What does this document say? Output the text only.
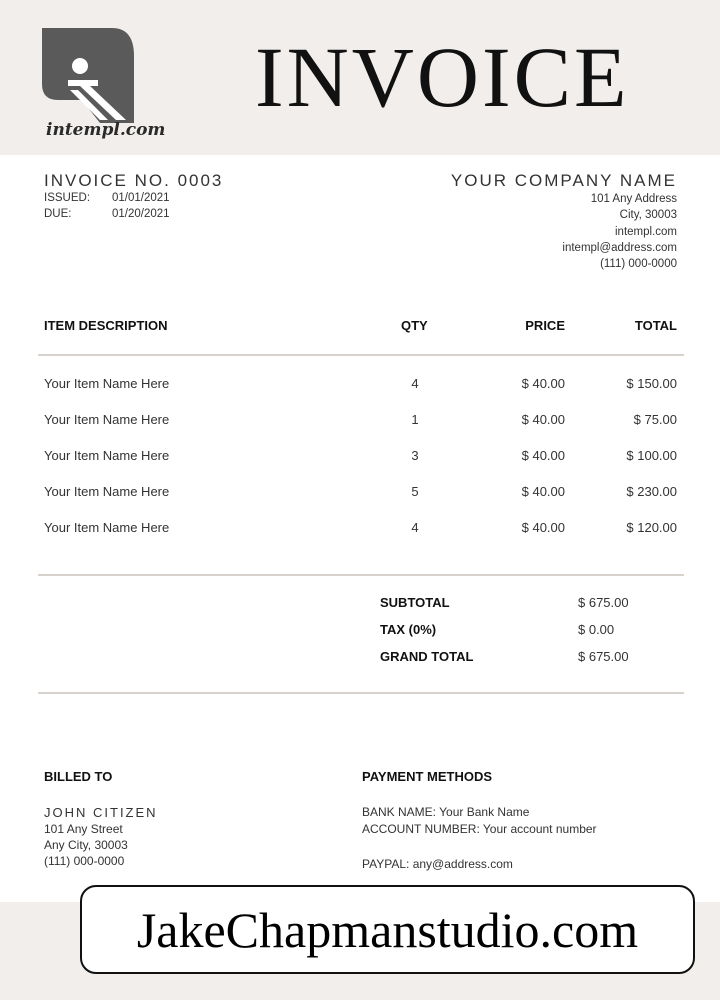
intempl.com
INVOICE
INVOICE NO. 0003
ISSUED: 01/01/2021
DUE:	01/20/2021
YOUR COMPANY NAME
101 Any Address
City, 30003
intempl.com
intempl@address.com
(111) 000-0000
ITEM DESCRIPTION	QTY	PRICE	TOTAL
Your Item Name Here	4	$ 40.00	$ 150.00
Your Item Name Here	1	$ 40.00	$ 75.00
Your Item Name Here	3	$ 40.00	$ 100.00
Your Item Name Here	5	$ 40.00	$ 230.00
Your Item Name Here	4	$ 40.00	$ 120.00
SUBTOTAL	$ 675.00
TAX (0%)	$ 0.00
GRAND TOTAL	$ 675.00
BILLED TO
JOHN CITIZEN
101 Any Street
Any City, 30003
(111) 000-0000
PAYMENT METHODS
BANK NAME: Your Bank Name
ACCOUNT NUMBER: Your account number
PAYPAL: any@address.com
JakeChapmanstudio.com
